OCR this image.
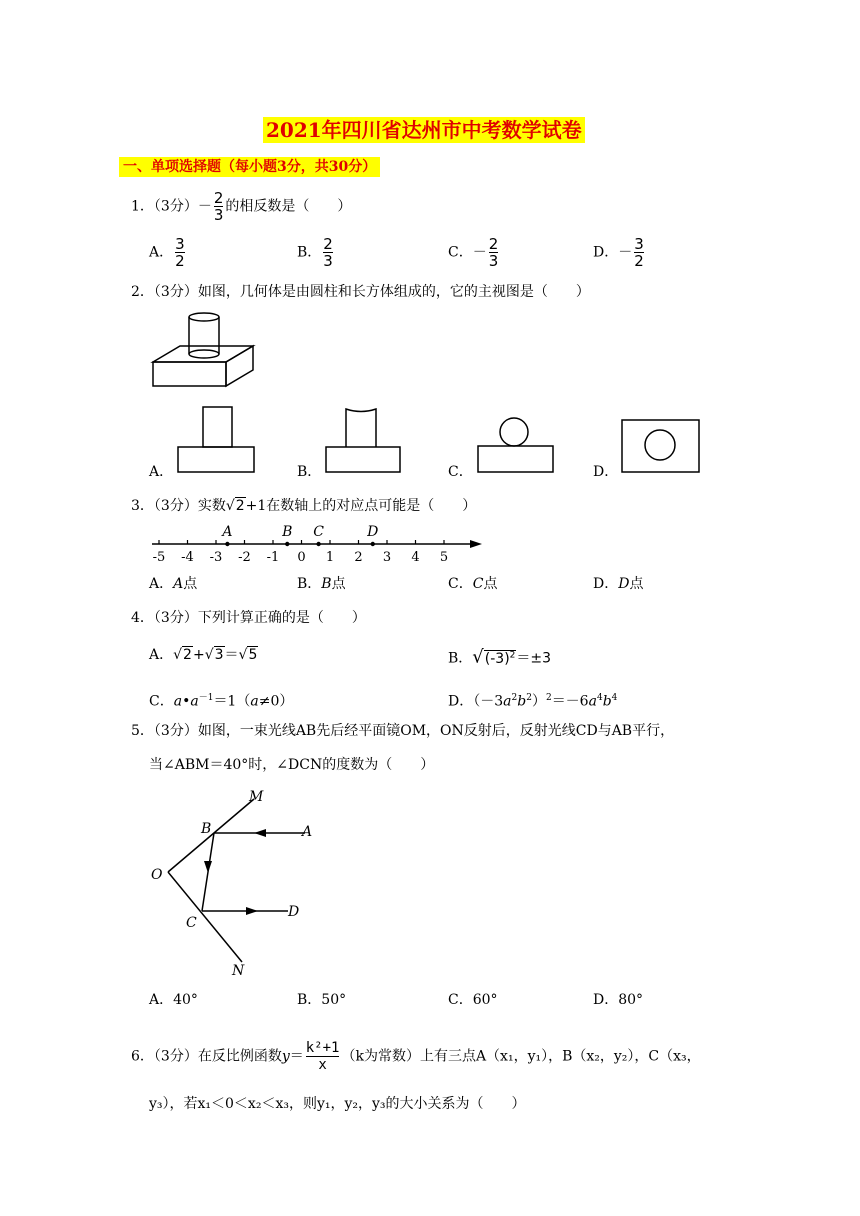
2021年四川省达州市中考数学试卷
一、单项选择题（每小题3分，共30分）
1．（3分）－ $\frac{2}{3}$ 的相反数是（　　）
A． $\frac{3}{2}$	B． $\frac{2}{3}$	C．－ $\frac{2}{3}$	D．－ $\frac{3}{2}$
2．（3分）如图，几何体是由圆柱和长方体组成的，它的主视图是（　　）
A．	B．	C．	D．
3．（3分）实数√2+1在数轴上的对应点可能是（　　）
-5 -4 -3 -2 -1 0 1 2 3 4 5
A	B C	D
A．A点	B．B点	C．C点	D．D点
4．（3分）下列计算正确的是（　　）
A．√2+√3＝√5	B．$√(-3)^2=\pm 3$
C．$a•a^{-1}=1(a\ne 0)$	D．$(-3a^2b^2)^2=-6a^4b^4$
5．（3分）如图，一束光线AB先后经平面镜OM，ON反射后，反射光线CD与AB平行，
当∠ABM＝40°时，∠DCN的度数为（　　）
M
B	A
O
C
D
N
A．40°	B．50°	C．60°	D．80°
6．（3分）在反比例函数$y= \frac{\text{k²+1}}{x} (k$为常数）上有三点A（x₁，y₁），B（x₂，y₂），C（x₃，
y₃），若x₁＜0＜x₂＜x₃，则y₁，y₂，y₃的大小关系为（　　）
